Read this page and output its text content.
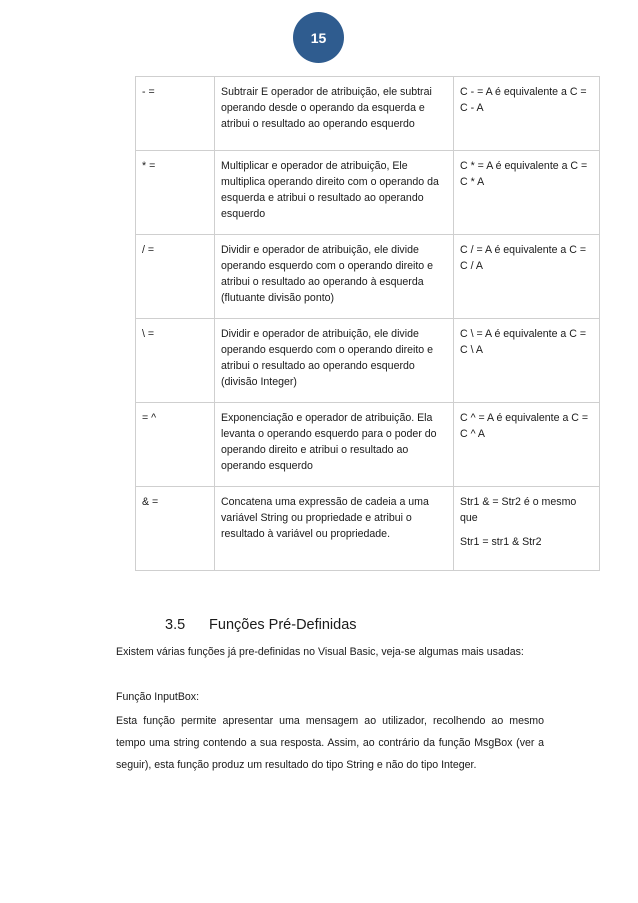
15
- =	Subtrair E operador de atribuição, ele subtrai operando desde o operando da esquerda e atribui o resultado ao operando esquerdo	C - = A é equivalente a C = C - A

* =	Multiplicar e operador de atribuição, Ele multiplica operando direito com o operando da esquerda e atribui o resultado ao operando esquerdo	C * = A é equivalente a C = C * A

/ =	Dividir e operador de atribuição, ele divide operando esquerdo com o operando direito e atribui o resultado ao operando à esquerda (flutuante divisão ponto)	C / = A é equivalente a C = C / A

\ =	Dividir e operador de atribuição, ele divide operando esquerdo com o operando direito e atribui o resultado ao operando esquerdo (divisão Integer)	C \ = A é equivalente a C = C \ A

= ^	Exponenciação e operador de atribuição. Ela levanta o operando esquerdo para o poder do operando direito e atribui o resultado ao operando esquerdo	C ^ = A é equivalente a C = C ^ A

& =	Concatena uma expressão de cadeia a uma variável String ou propriedade e atribui o resultado à variável ou propriedade.	Str1 & = Str2 é o mesmo que

Str1 = str1 & Str2

3.5 Funções Pré-Definidas
Existem várias funções já pre-definidas no Visual Basic, veja-se algumas mais usadas:
Função InputBox:
Esta função permite apresentar uma mensagem ao utilizador, recolhendo ao mesmo tempo uma string contendo a sua resposta. Assim, ao contrário da função MsgBox (ver a seguir), esta função produz um resultado do tipo String e não do tipo Integer.
